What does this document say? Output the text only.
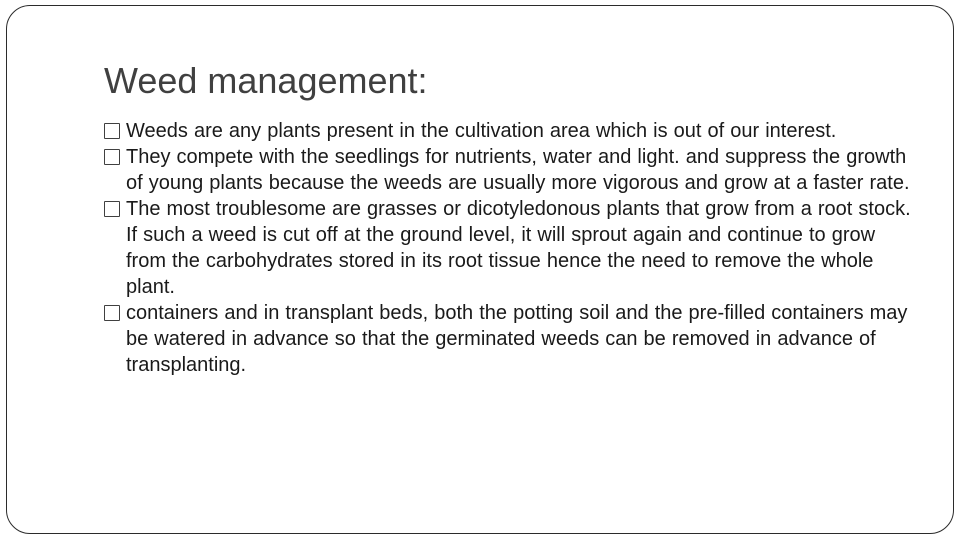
Weed management:
Weeds are any plants present in the cultivation area which is out of our interest.
They compete with the seedlings for nutrients, water and light. and suppress the growth of young plants because the weeds are usually more vigorous and grow at a faster rate.
The most troublesome are grasses or dicotyledonous plants that grow from a root stock. If such a weed is cut off at the ground level, it will sprout again and continue to grow from the carbohydrates stored in its root tissue hence the need to remove the whole plant.
containers and in transplant beds, both the potting soil and the pre-filled containers may be watered in advance so that the germinated weeds can be removed in advance of transplanting.
